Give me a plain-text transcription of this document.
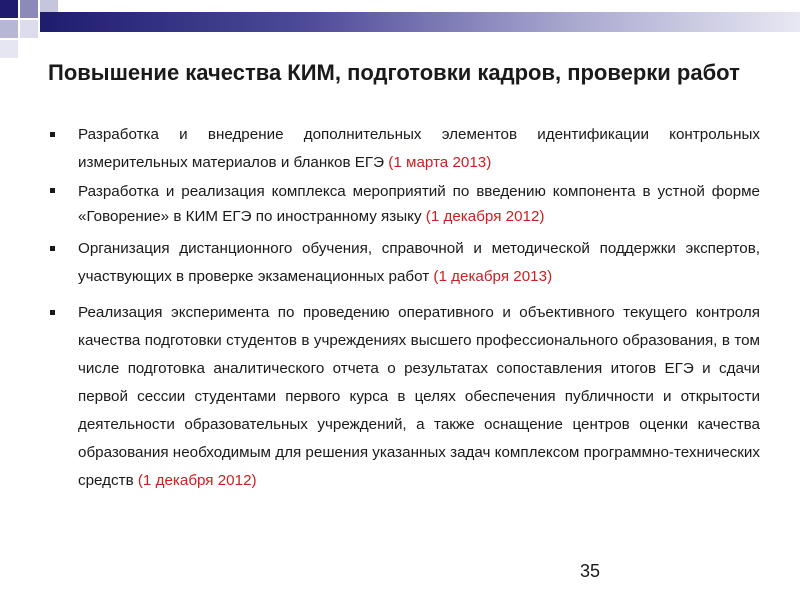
Повышение качества КИМ, подготовки кадров, проверки работ
Разработка и внедрение дополнительных элементов идентификации контрольных измерительных материалов и бланков ЕГЭ (1 марта 2013)
Разработка и реализация комплекса мероприятий по введению компонента в устной форме «Говорение» в КИМ ЕГЭ по иностранному языку (1 декабря 2012)
Организация дистанционного обучения, справочной и методической поддержки экспертов, участвующих в проверке экзаменационных работ (1 декабря 2013)
Реализация эксперимента по проведению оперативного и объективного текущего контроля качества подготовки студентов в учреждениях высшего профессионального образования, в том числе подготовка аналитического отчета о результатах сопоставления итогов ЕГЭ и сдачи первой сессии студентами первого курса в целях обеспечения публичности и открытости деятельности образовательных учреждений, а также оснащение центров оценки качества образования необходимым для решения указанных задач комплексом программно-технических средств (1 декабря 2012)
35
